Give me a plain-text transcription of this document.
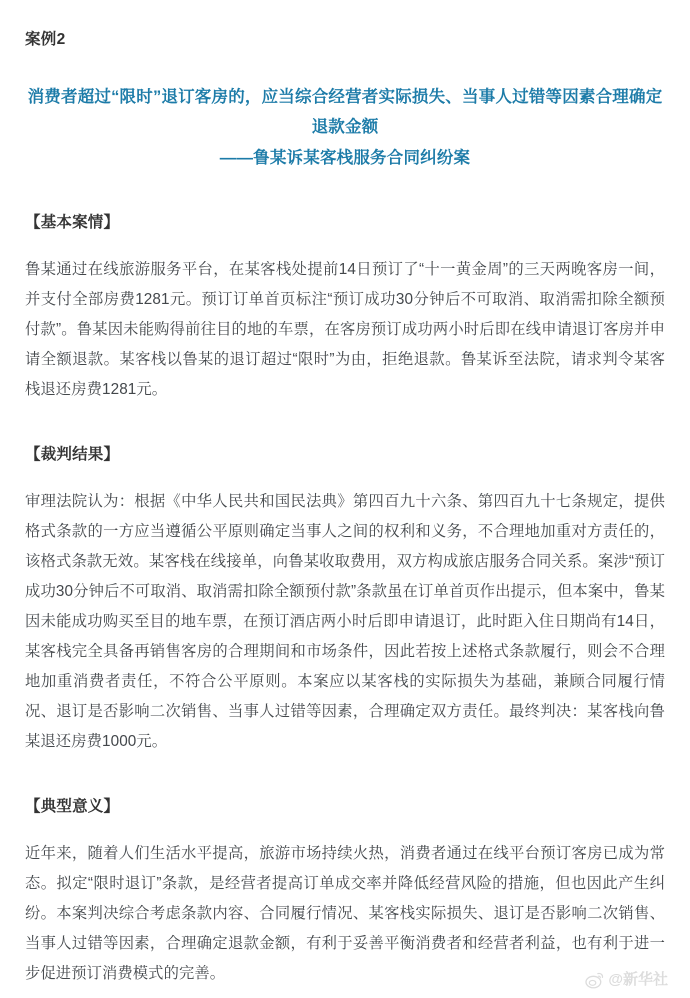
案例2
消费者超过“限时”退订客房的，应当综合经营者实际损失、当事人过错等因素合理确定退款金额
——鲁某诉某客栈服务合同纠纷案
【基本案情】

鲁某通过在线旅游服务平台，在某客栈处提前14日预订了“十一黄金周”的三天两晚客房一间，并支付全部房费1281元。预订订单首页标注“预订成功30分钟后不可取消、取消需扣除全额预付款”。鲁某因未能购得前往目的地的车票，在客房预订成功两小时后即在线申请退订客房并申请全额退款。某客栈以鲁某的退订超过“限时”为由，拒绝退款。鲁某诉至法院，请求判令某客栈退还房费1281元。

【裁判结果】

审理法院认为：根据《中华人民共和国民法典》第四百九十六条、第四百九十七条规定，提供格式条款的一方应当遵循公平原则确定当事人之间的权利和义务，不合理地加重对方责任的，该格式条款无效。某客栈在线接单，向鲁某收取费用，双方构成旅店服务合同关系。案涉“预订成功30分钟后不可取消、取消需扣除全额预付款”条款虽在订单首页作出提示，但本案中，鲁某因未能成功购买至目的地车票，在预订酒店两小时后即申请退订，此时距入住日期尚有14日，某客栈完全具备再销售客房的合理期间和市场条件，因此若按上述格式条款履行，则会不合理地加重消费者责任，不符合公平原则。本案应以某客栈的实际损失为基础，兼顾合同履行情况、退订是否影响二次销售、当事人过错等因素，合理确定双方责任。最终判决：某客栈向鲁某退还房费1000元。

【典型意义】

近年来，随着人们生活水平提高，旅游市场持续火热，消费者通过在线平台预订客房已成为常态。拟定“限时退订”条款，是经营者提高订单成交率并降低经营风险的措施，但也因此产生纠纷。本案判决综合考虑条款内容、合同履行情况、某客栈实际损失、退订是否影响二次销售、当事人过错等因素，合理确定退款金额，有利于妥善平衡消费者和经营者利益，也有利于进一步促进预订消费模式的完善。	@新华社
